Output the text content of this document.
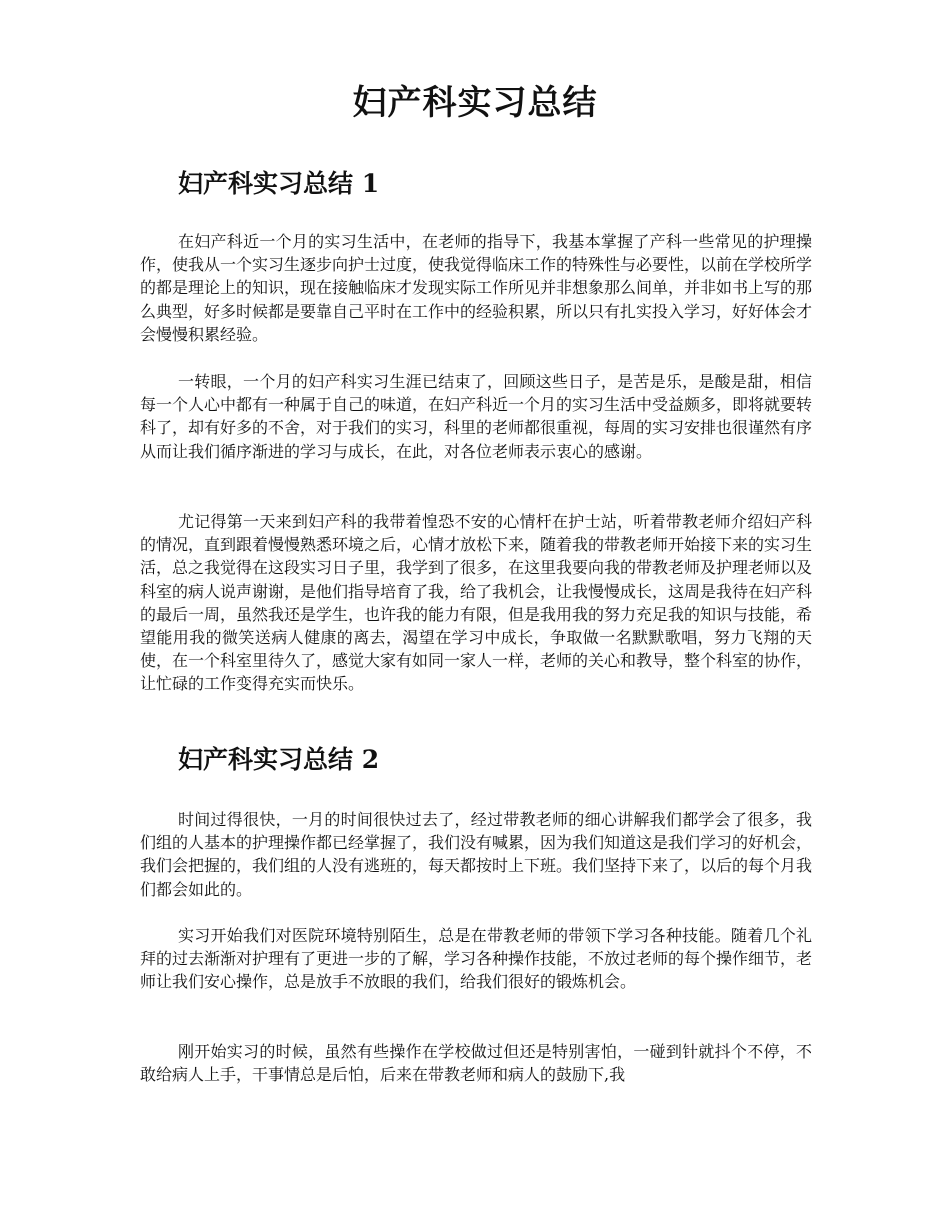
妇产科实习总结
妇产科实习总结 1

在妇产科近一个月的实习生活中，在老师的指导下，我基本掌握了产科一些常见的护理操作，使我从一个实习生逐步向护士过度，使我觉得临床工作的特殊性与必要性，以前在学校所学的都是理论上的知识，现在接触临床才发现实际工作所见并非想象那么间单，并非如书上写的那么典型，好多时候都是要靠自己平时在工作中的经验积累，所以只有扎实投入学习，好好体会才会慢慢积累经验。

一转眼，一个月的妇产科实习生涯已结束了，回顾这些日子，是苦是乐，是酸是甜，相信每一个人心中都有一种属于自己的味道，在妇产科近一个月的实习生活中受益颇多，即将就要转科了，却有好多的不舍，对于我们的实习，科里的老师都很重视，每周的实习安排也很谨然有序从而让我们循序渐进的学习与成长，在此，对各位老师表示衷心的感谢。

尤记得第一天来到妇产科的我带着惶恐不安的心情杆在护士站，听着带教老师介绍妇产科的情况，直到跟着慢慢熟悉环境之后，心情才放松下来，随着我的带教老师开始接下来的实习生活，总之我觉得在这段实习日子里，我学到了很多，在这里我要向我的带教老师及护理老师以及科室的病人说声谢谢，是他们指导培育了我，给了我机会，让我慢慢成长，这周是我待在妇产科的最后一周，虽然我还是学生，也许我的能力有限，但是我用我的努力充足我的知识与技能，希望能用我的微笑送病人健康的离去，渴望在学习中成长，争取做一名默默歌唱，努力飞翔的天使，在一个科室里待久了，感觉大家有如同一家人一样，老师的关心和教导，整个科室的协作，让忙碌的工作变得充实而快乐。

妇产科实习总结 2

时间过得很快，一月的时间很快过去了，经过带教老师的细心讲解我们都学会了很多，我们组的人基本的护理操作都已经掌握了，我们没有喊累，因为我们知道这是我们学习的好机会，我们会把握的，我们组的人没有逃班的，每天都按时上下班。我们坚持下来了，以后的每个月我们都会如此的。

实习开始我们对医院环境特别陌生，总是在带教老师的带领下学习各种技能。随着几个礼拜的过去渐渐对护理有了更进一步的了解，学习各种操作技能，不放过老师的每个操作细节，老师让我们安心操作，总是放手不放眼的我们，给我们很好的锻炼机会。

刚开始实习的时候，虽然有些操作在学校做过但还是特别害怕，一碰到针就抖个不停，不敢给病人上手，干事情总是后怕，后来在带教老师和病人的鼓励下,我
